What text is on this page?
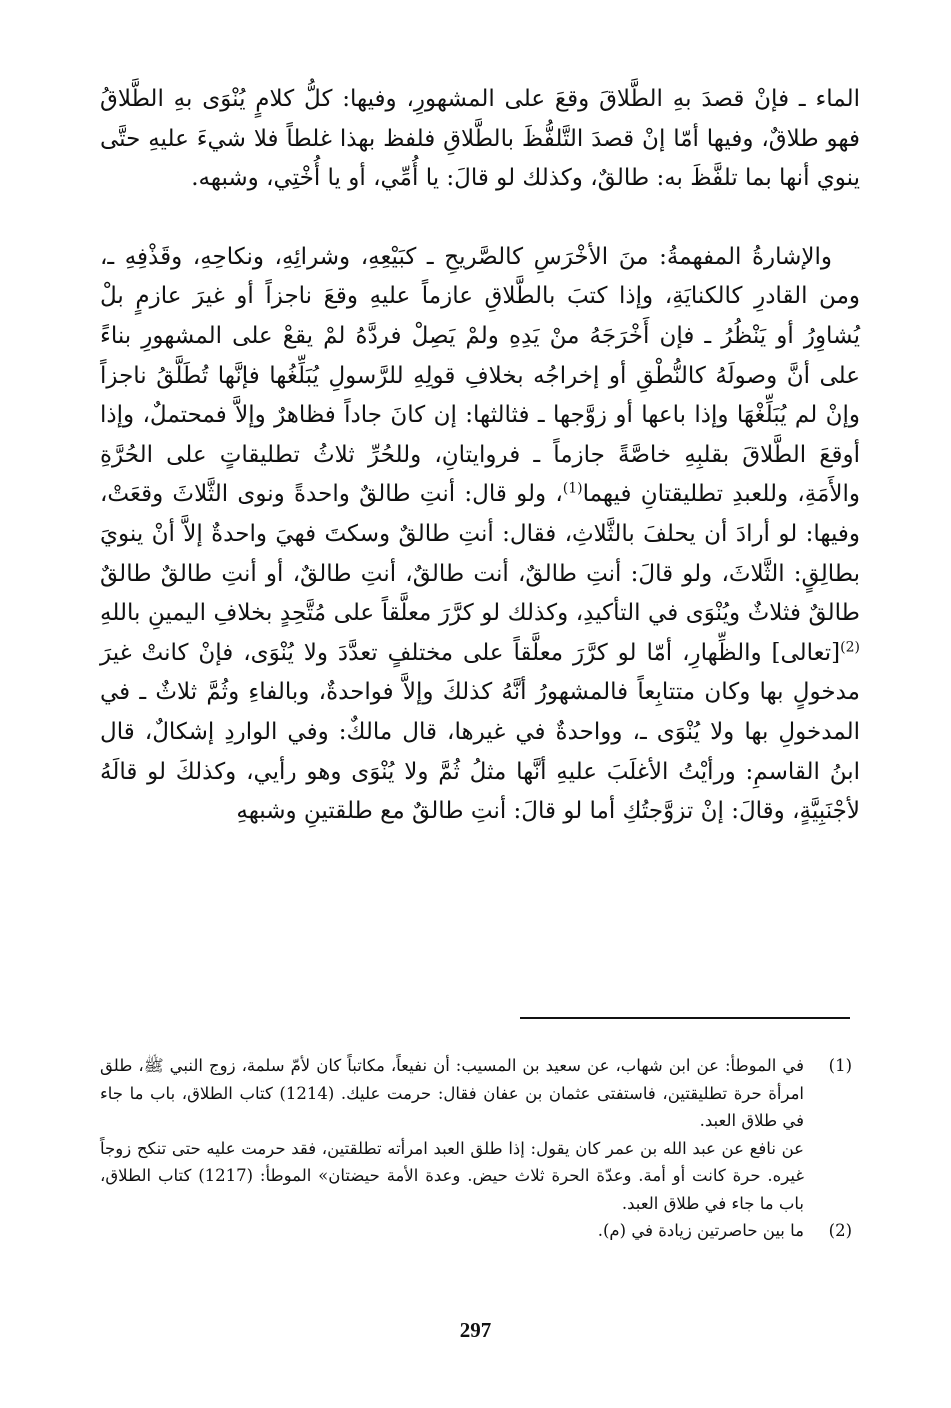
الماء ـ فإنْ قصدَ بهِ الطَّلاقَ وقعَ على المشهورِ، وفيها: كلُّ كلامٍ يُنْوَى بهِ الطَّلاقُ فهو طلاقٌ، وفيها أمّا إنْ قصدَ التَّلفُّظَ بالطَّلاقِ فلفظ بهذا غلطاً فلا شيءَ عليهِ حتَّى ينوي أنها بما تلفَّظَ به: طالقٌ، وكذلك لو قالَ: يا أُمِّي، أو يا أُخْتِي، وشبهه.

والإشارةُ المفهمةُ: منَ الأخْرَسِ كالصَّريحِ ـ كبَيْعِهِ، وشرائِهِ، ونكاحِهِ، وقَذْفِهِ ـ، ومن القادرِ كالكنايَةِ، وإذا كتبَ بالطَّلاقِ عازماً عليهِ وقعَ ناجزاً أو غيرَ عازمٍ بلْ يُشاوِرُ أو يَنْظُرُ ـ فإن أَخْرَجَهُ منْ يَدِهِ ولمْ يَصِلْ فردَّهُ لمْ يقعْ على المشهورِ بناءً على أنَّ وصولَهُ كالنُّطْقِ أو إخراجُه بخلافِ قولِهِ للرَّسولِ يُبَلِّغُها فإنَّها تُطَلَّقُ ناجزاً وإنْ لم يُبَلِّغْهَا وإذا باعها أو زوَّجها ـ فثالثها: إن كانَ جاداً فظاهرٌ وإلاَّ فمحتملٌ، وإذا أوقعَ الطَّلاقَ بقلبِهِ خاصَّةً جازماً ـ فروايتانِ، وللحُرِّ ثلاثُ تطليقاتٍ على الحُرَّةِ والأَمَةِ، وللعبدِ تطليقتانِ فيهما$^{(1)}$، ولو قال: أنتِ طالقٌ واحدةً ونوى الثَّلاثَ وقعَتْ، وفيها: لو أرادَ أن يحلفَ بالثَّلاثِ، فقال: أنتِ طالقٌ وسكتَ فهيَ واحدةٌ إلاَّ أنْ ينويَ بطالِقٍ: الثَّلاثَ، ولو قالَ: أنتِ طالقٌ، أنت طالقٌ، أنتِ طالقٌ، أو أنتِ طالقٌ طالقٌ طالقٌ فثلاثٌ ويُنْوَى في التأكيدِ، وكذلك لو كرَّرَ معلَّقاً على مُتَّحِدٍ بخلافِ اليمينِ باللهِ $^{(2)}$[تعالى] والظِّهارِ، أمّا لو كرَّرَ معلَّقاً على مختلفٍ تعدَّدَ ولا يُنْوَى، فإنْ كانتْ غيرَ مدخولٍ بها وكان متتابِعاً فالمشهورُ أنَّهُ كذلكَ وإلاَّ فواحدةٌ، وبالفاءِ وثُمَّ ثلاثٌ ـ في المدخولِ بها ولا يُنْوَى ـ، وواحدةٌ في غيرها، قال مالكٌ: وفي الواردِ إشكالٌ، قال ابنُ القاسمِ: ورأيْتُ الأغلَبَ عليهِ أنَّها مثلُ ثُمَّ ولا يُنْوَى وهو رأيي، وكذلكَ لو قالَهُ لأجْنَبِيَّةٍ، وقالَ: إنْ تزوَّجتُكِ أما لو قالَ: أنتِ طالقٌ مع طلقتينِ وشبههِ

(1)

في الموطأ: عن ابن شهاب، عن سعيد بن المسيب: أن نفيعاً، مكاتباً كان لأمّ سلمة، زوج النبي ﷺ، طلق امرأة حرة تطليقتين، فاستفتى عثمان بن عفان فقال: حرمت عليك. (1214) كتاب الطلاق، باب ما جاء في طلاق العبد.

عن نافع عن عبد الله بن عمر كان يقول: إذا طلق العبد امرأته تطلقتين، فقد حرمت عليه حتى تنكح زوجاً غيره. حرة كانت أو أمة. وعدّة الحرة ثلاث حيض. وعدة الأمة حيضتان» الموطأ: (1217) كتاب الطلاق، باب ما جاء في طلاق العبد.

(2)

ما بين حاصرتين زيادة في (م).

297
